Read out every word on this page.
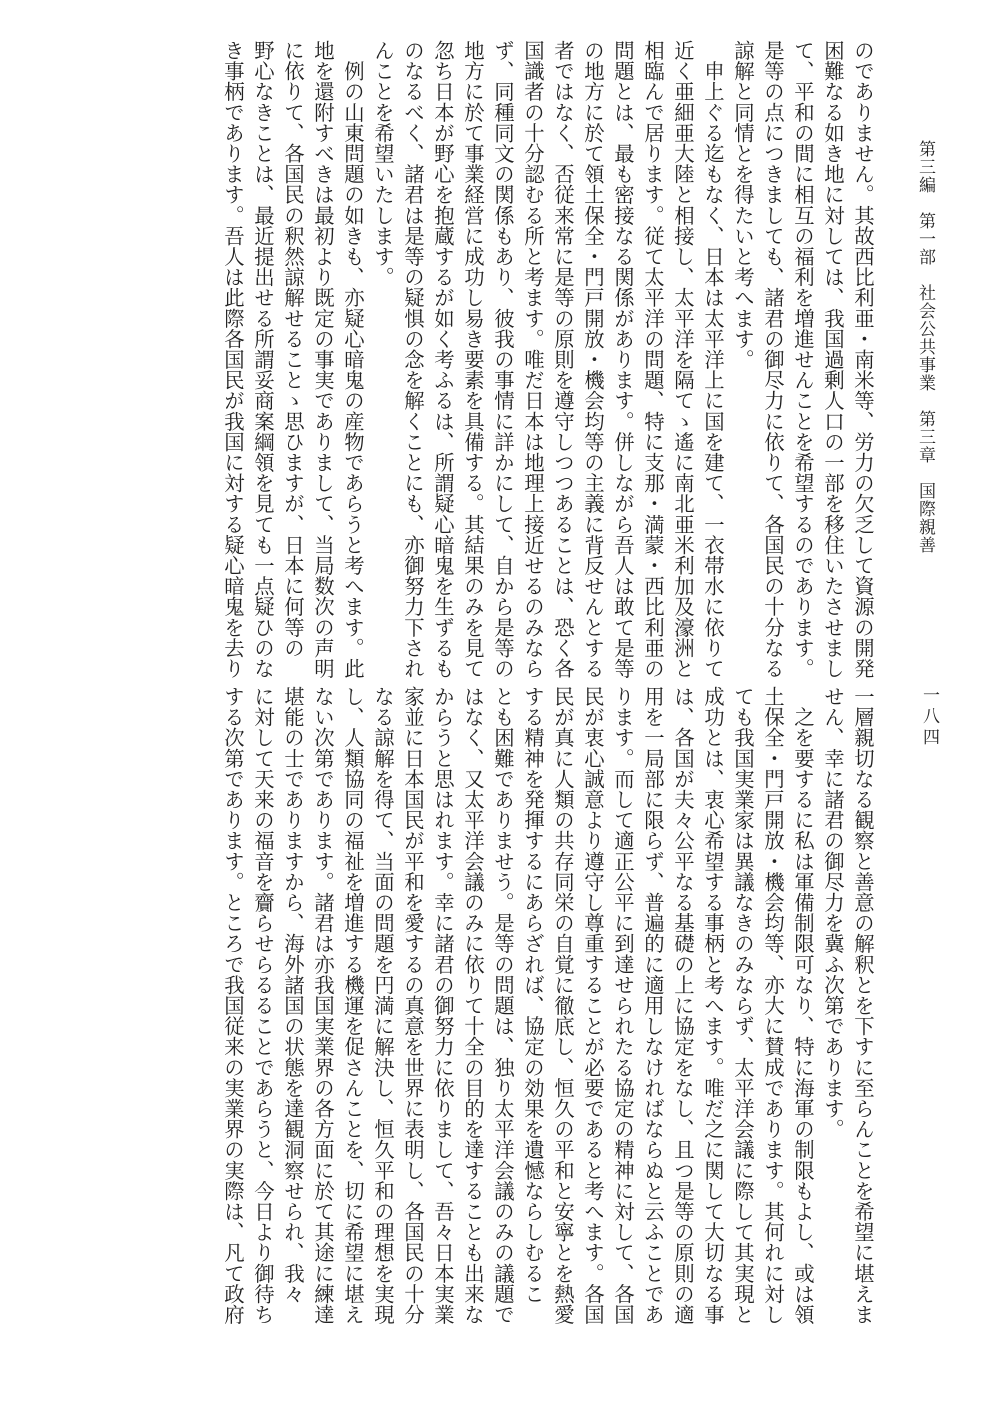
第三編　第一部　社会公共事業　第三章　国際親善
一八四
のでありません。其故西比利亜・南米等、労力の欠乏して資源の開発
困難なる如き地に対しては、我国過剰人口の一部を移住いたさせまし
て、平和の間に相互の福利を増進せんことを希望するのであります。
是等の点につきましても、諸君の御尽力に依りて、各国民の十分なる
諒解と同情とを得たいと考へます。
　申上ぐる迄もなく、日本は太平洋上に国を建て、一衣帯水に依りて
近く亜細亜大陸と相接し、太平洋を隔てゝ遙に南北亜米利加及濠洲と
相臨んで居ります。従て太平洋の問題、特に支那・満蒙・西比利亜の
問題とは、最も密接なる関係があります。併しながら吾人は敢て是等
の地方に於て領土保全・門戸開放・機会均等の主義に背反せんとする
者ではなく、否従来常に是等の原則を遵守しつつあることは、恐く各
国識者の十分認むる所と考ます。唯だ日本は地理上接近せるのみなら
ず、同種同文の関係もあり、彼我の事情に詳かにして、自から是等の
地方に於て事業経営に成功し易き要素を具備する。其結果のみを見て
忽ち日本が野心を抱蔵するが如く考ふるは、所謂疑心暗鬼を生ずるも
のなるべく、諸君は是等の疑惧の念を解くことにも、亦御努力下され
んことを希望いたします。
　例の山東問題の如きも、亦疑心暗鬼の産物であらうと考へます。此
地を還附すべきは最初より既定の事実でありまして、当局数次の声明
に依りて、各国民の釈然諒解せることゝ思ひますが、日本に何等の
野心なきことは、最近提出せる所謂妥商案綱領を見ても一点疑ひのな
き事柄であります。吾人は此際各国民が我国に対する疑心暗鬼を去り
一層親切なる観察と善意の解釈とを下すに至らんことを希望に堪えま
せん、幸に諸君の御尽力を冀ふ次第であります。
　之を要するに私は軍備制限可なり、特に海軍の制限もよし、或は領
土保全・門戸開放・機会均等、亦大に賛成であります。其何れに対し
ても我国実業家は異議なきのみならず、太平洋会議に際して其実現と
成功とは、衷心希望する事柄と考へます。唯だ之に関して大切なる事
は、各国が夫々公平なる基礎の上に協定をなし、且つ是等の原則の適
用を一局部に限らず、普遍的に適用しなければならぬと云ふことであ
ります。而して適正公平に到達せられたる協定の精神に対して、各国
民が衷心誠意より遵守し尊重することが必要であると考へます。各国
民が真に人類の共存同栄の自覚に徹底し、恒久の平和と安寧とを熱愛
する精神を発揮するにあらざれば、協定の効果を遺憾ならしむるこ
とも困難でありませう。是等の問題は、独り太平洋会議のみの議題で
はなく、又太平洋会議のみに依りて十全の目的を達することも出来な
からうと思はれます。幸に諸君の御努力に依りまして、吾々日本実業
家並に日本国民が平和を愛するの真意を世界に表明し、各国民の十分
なる諒解を得て、当面の問題を円満に解決し、恒久平和の理想を実現
し、人類協同の福祉を増進する機運を促さんことを、切に希望に堪え
ない次第であります。諸君は亦我国実業界の各方面に於て其途に練達
堪能の士でありますから、海外諸国の状態を達観洞察せられ、我々
に対して天来の福音を齎らせらるることであらうと、今日より御待ち
する次第であります。ところで我国従来の実業界の実際は、凡て政府
